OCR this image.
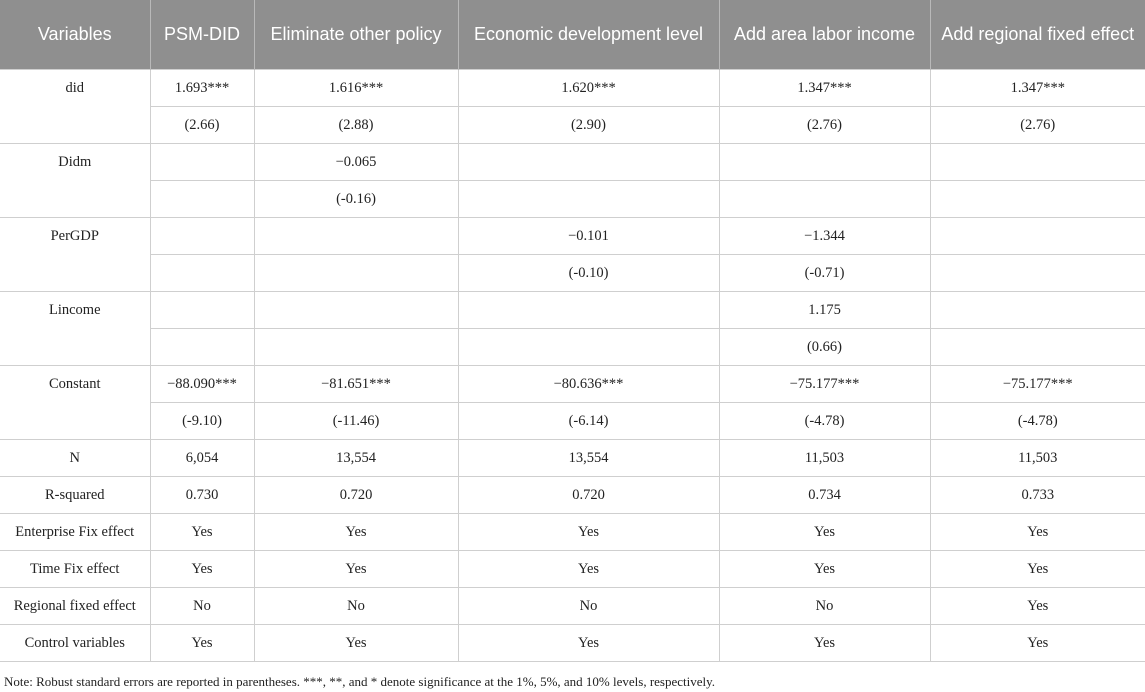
Variables	PSM-DID	Eliminate other policy	Economic development level	Add area labor income	Add regional fixed effect
did	1.693***	1.616***	1.620***	1.347***	1.347***
	(2.66)	(2.88)	(2.90)	(2.76)	(2.76)
Didm		−0.065			
		(-0.16)			
PerGDP			−0.101	−1.344	
			(-0.10)	(-0.71)	
Lincome				1.175	
				(0.66)	
Constant	−88.090***	−81.651***	−80.636***	−75.177***	−75.177***
	(-9.10)	(-11.46)	(-6.14)	(-4.78)	(-4.78)
N	6,054	13,554	13,554	11,503	11,503
R-squared	0.730	0.720	0.720	0.734	0.733
Enterprise Fix effect	Yes	Yes	Yes	Yes	Yes
Time Fix effect	Yes	Yes	Yes	Yes	Yes
Regional fixed effect	No	No	No	No	Yes
Control variables	Yes	Yes	Yes	Yes	Yes
Note: Robust standard errors are reported in parentheses. ***, **, and * denote significance at the 1%, 5%, and 10% levels, respectively.
